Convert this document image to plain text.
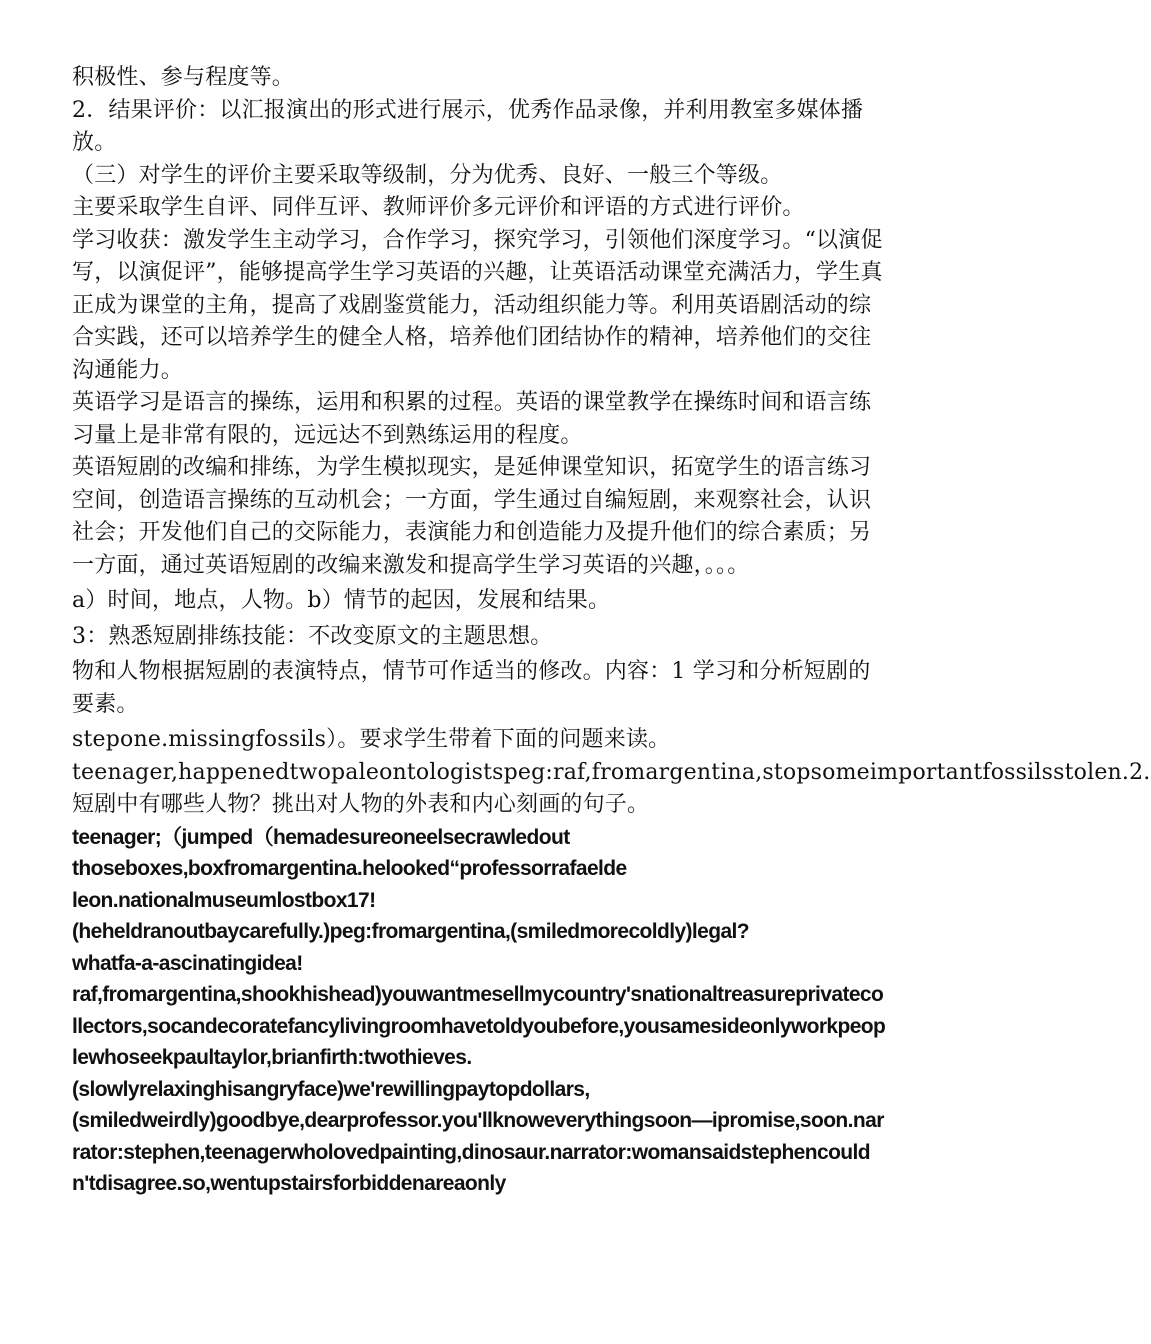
积极性、参与程度等。

2．结果评价：以汇报演出的形式进行展示，优秀作品录像，并利用教室多媒体播放。

（三）对学生的评价主要采取等级制，分为优秀、良好、一般三个等级。

主要采取学生自评、同伴互评、教师评价多元评价和评语的方式进行评价。

学习收获：激发学生主动学习，合作学习，探究学习，引领他们深度学习。“以演促写，以演促评”，能够提高学生学习英语的兴趣，让英语活动课堂充满活力，学生真正成为课堂的主角，提高了戏剧鉴赏能力，活动组织能力等。利用英语剧活动的综合实践，还可以培养学生的健全人格，培养他们团结协作的精神，培养他们的交往沟通能力。

英语学习是语言的操练，运用和积累的过程。英语的课堂教学在操练时间和语言练习量上是非常有限的，远远达不到熟练运用的程度。

英语短剧的改编和排练，为学生模拟现实，是延伸课堂知识，拓宽学生的语言练习空间，创造语言操练的互动机会；一方面，学生通过自编短剧，来观察社会，认识社会；开发他们自己的交际能力，表演能力和创造能力及提升他们的综合素质；另一方面，通过英语短剧的改编来激发和提高学生学习英语的兴趣，。。。

a）时间，地点，人物。b）情节的起因，发展和结果。

3：熟悉短剧排练技能：不改变原文的主题思想。

物和人物根据短剧的表演特点，情节可作适当的修改。内容：1 学习和分析短剧的要素。

stepone.missingfossils）。要求学生带着下面的问题来读。

teenager,happenedtwopaleontologistspeg:raf,fromargentina,stopsomeimportantfossilsstolen.2.短剧中有哪些人物？挑出对人物的外表和内心刻画的句子。

teenager;（jumped（hemadesureoneelsecrawledout

thoseboxes,boxfromargentina.helooked“professorrafaelde

leon.nationalmuseumlostbox17!

(heheldranoutbaycarefully.)peg:fromargentina,(smiledmorecoldly)legal?

whatfa-a-ascinatingidea!

raf,fromargentina,shookhishead)youwantmesellmycountry'snationaltreasureprivatecollectors,socandecoratefancylivingroomhavetoldyoubefore,yousamesideonlyworkpeoplewhoseekpaultaylor,brianfirth:twothieves.

(slowlyrelaxinghisangryface)we'rewillingpaytopdollars,

(smiledweirdly)goodbye,dearprofessor.you'llknoweverythingsoon—ipromise,soon.narrator:stephen,teenagerwholovedpainting,dinosaur.narrator:womansaidstephencouldn'tdisagree.so,wentupstairsforbiddenareaonly
